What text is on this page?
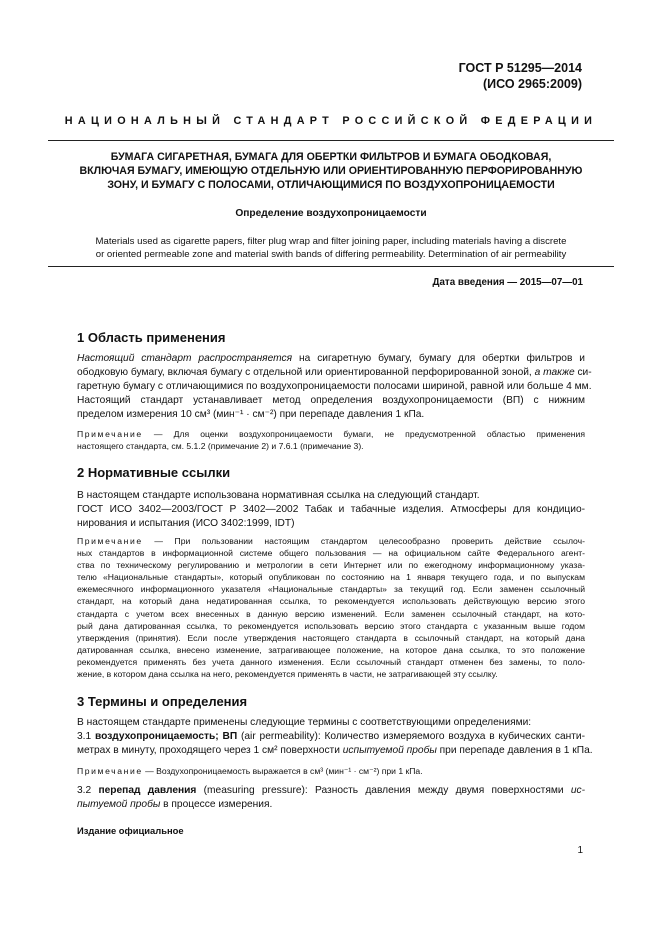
ГОСТ Р 51295—2014
(ИСО 2965:2009)
НАЦИОНАЛЬНЫЙ СТАНДАРТ РОССИЙСКОЙ ФЕДЕРАЦИИ
БУМАГА СИГАРЕТНАЯ, БУМАГА ДЛЯ ОБЕРТКИ ФИЛЬТРОВ И БУМАГА ОБОДКОВАЯ,
ВКЛЮЧАЯ БУМАГУ, ИМЕЮЩУЮ ОТДЕЛЬНУЮ ИЛИ ОРИЕНТИРОВАННУЮ ПЕРФОРИРОВАННУЮ
ЗОНУ, И БУМАГУ С ПОЛОСАМИ, ОТЛИЧАЮЩИМИСЯ ПО ВОЗДУХОПРОНИЦАЕМОСТИ
Определение воздухопроницаемости
Materials used as cigarette papers, filter plug wrap and filter joining paper, including materials having a discrete
or oriented permeable zone and material swith bands of differing permeability. Determination of air permeability
Дата введения — 2015—07—01
1 Область применения
Настоящий стандарт распространяется на сигаретную бумагу, бумагу для обертки фильтров и
ободковую бумагу, включая бумагу с отдельной или ориентированной перфорированной зоной, а также си-
гаретную бумагу с отличающимися по воздухопроницаемости полосами шириной, равной или больше 4 мм.
Настоящий стандарт устанавливает метод определения воздухопроницаемости (ВП) с нижним
пределом измерения 10 см³ (мин⁻¹ · см⁻²) при перепаде давления 1 кПа.
Примечание — Для оценки воздухопроницаемости бумаги, не предусмотренной областью применения
настоящего стандарта, см. 5.1.2 (примечание 2) и 7.6.1 (примечание 3).
2 Нормативные ссылки
В настоящем стандарте использована нормативная ссылка на следующий стандарт.
ГОСТ ИСО 3402—2003/ГОСТ Р 3402—2002 Табак и табачные изделия. Атмосферы для кондицио-
нирования и испытания (ИСО 3402:1999, IDT)
Примечание — При пользовании настоящим стандартом целесообразно проверить действие ссылоч-
ных стандартов в информационной системе общего пользования — на официальном сайте Федерального агент-
ства по техническому регулированию и метрологии в сети Интернет или по ежегодному информационному указа-
телю «Национальные стандарты», который опубликован по состоянию на 1 января текущего года, и по выпускам
ежемесячного информационного указателя «Национальные стандарты» за текущий год. Если заменен ссылочный
стандарт, на который дана недатированная ссылка, то рекомендуется использовать действующую версию этого
стандарта с учетом всех внесенных в данную версию изменений. Если заменен ссылочный стандарт, на кото-
рый дана датированная ссылка, то рекомендуется использовать версию этого стандарта с указанным выше годом
утверждения (принятия). Если после утверждения настоящего стандарта в ссылочный стандарт, на который дана
датированная ссылка, внесено изменение, затрагивающее положение, на которое дана ссылка, то это положение
рекомендуется применять без учета данного изменения. Если ссылочный стандарт отменен без замены, то поло-
жение, в котором дана ссылка на него, рекомендуется применять в части, не затрагивающей эту ссылку.
3 Термины и определения
В настоящем стандарте применены следующие термины с соответствующими определениями:
3.1 воздухопроницаемость; ВП (air permeability): Количество измеряемого воздуха в кубических санти-
метрах в минуту, проходящего через 1 см² поверхности испытуемой пробы при перепаде давления в 1 кПа.
Примечание — Воздухопроницаемость выражается в см³ (мин⁻¹ · см⁻²) при 1 кПа.
3.2 перепад давления (measuring pressure): Разность давления между двумя поверхностями ис-
пытуемой пробы в процессе измерения.
Издание официальное
1
